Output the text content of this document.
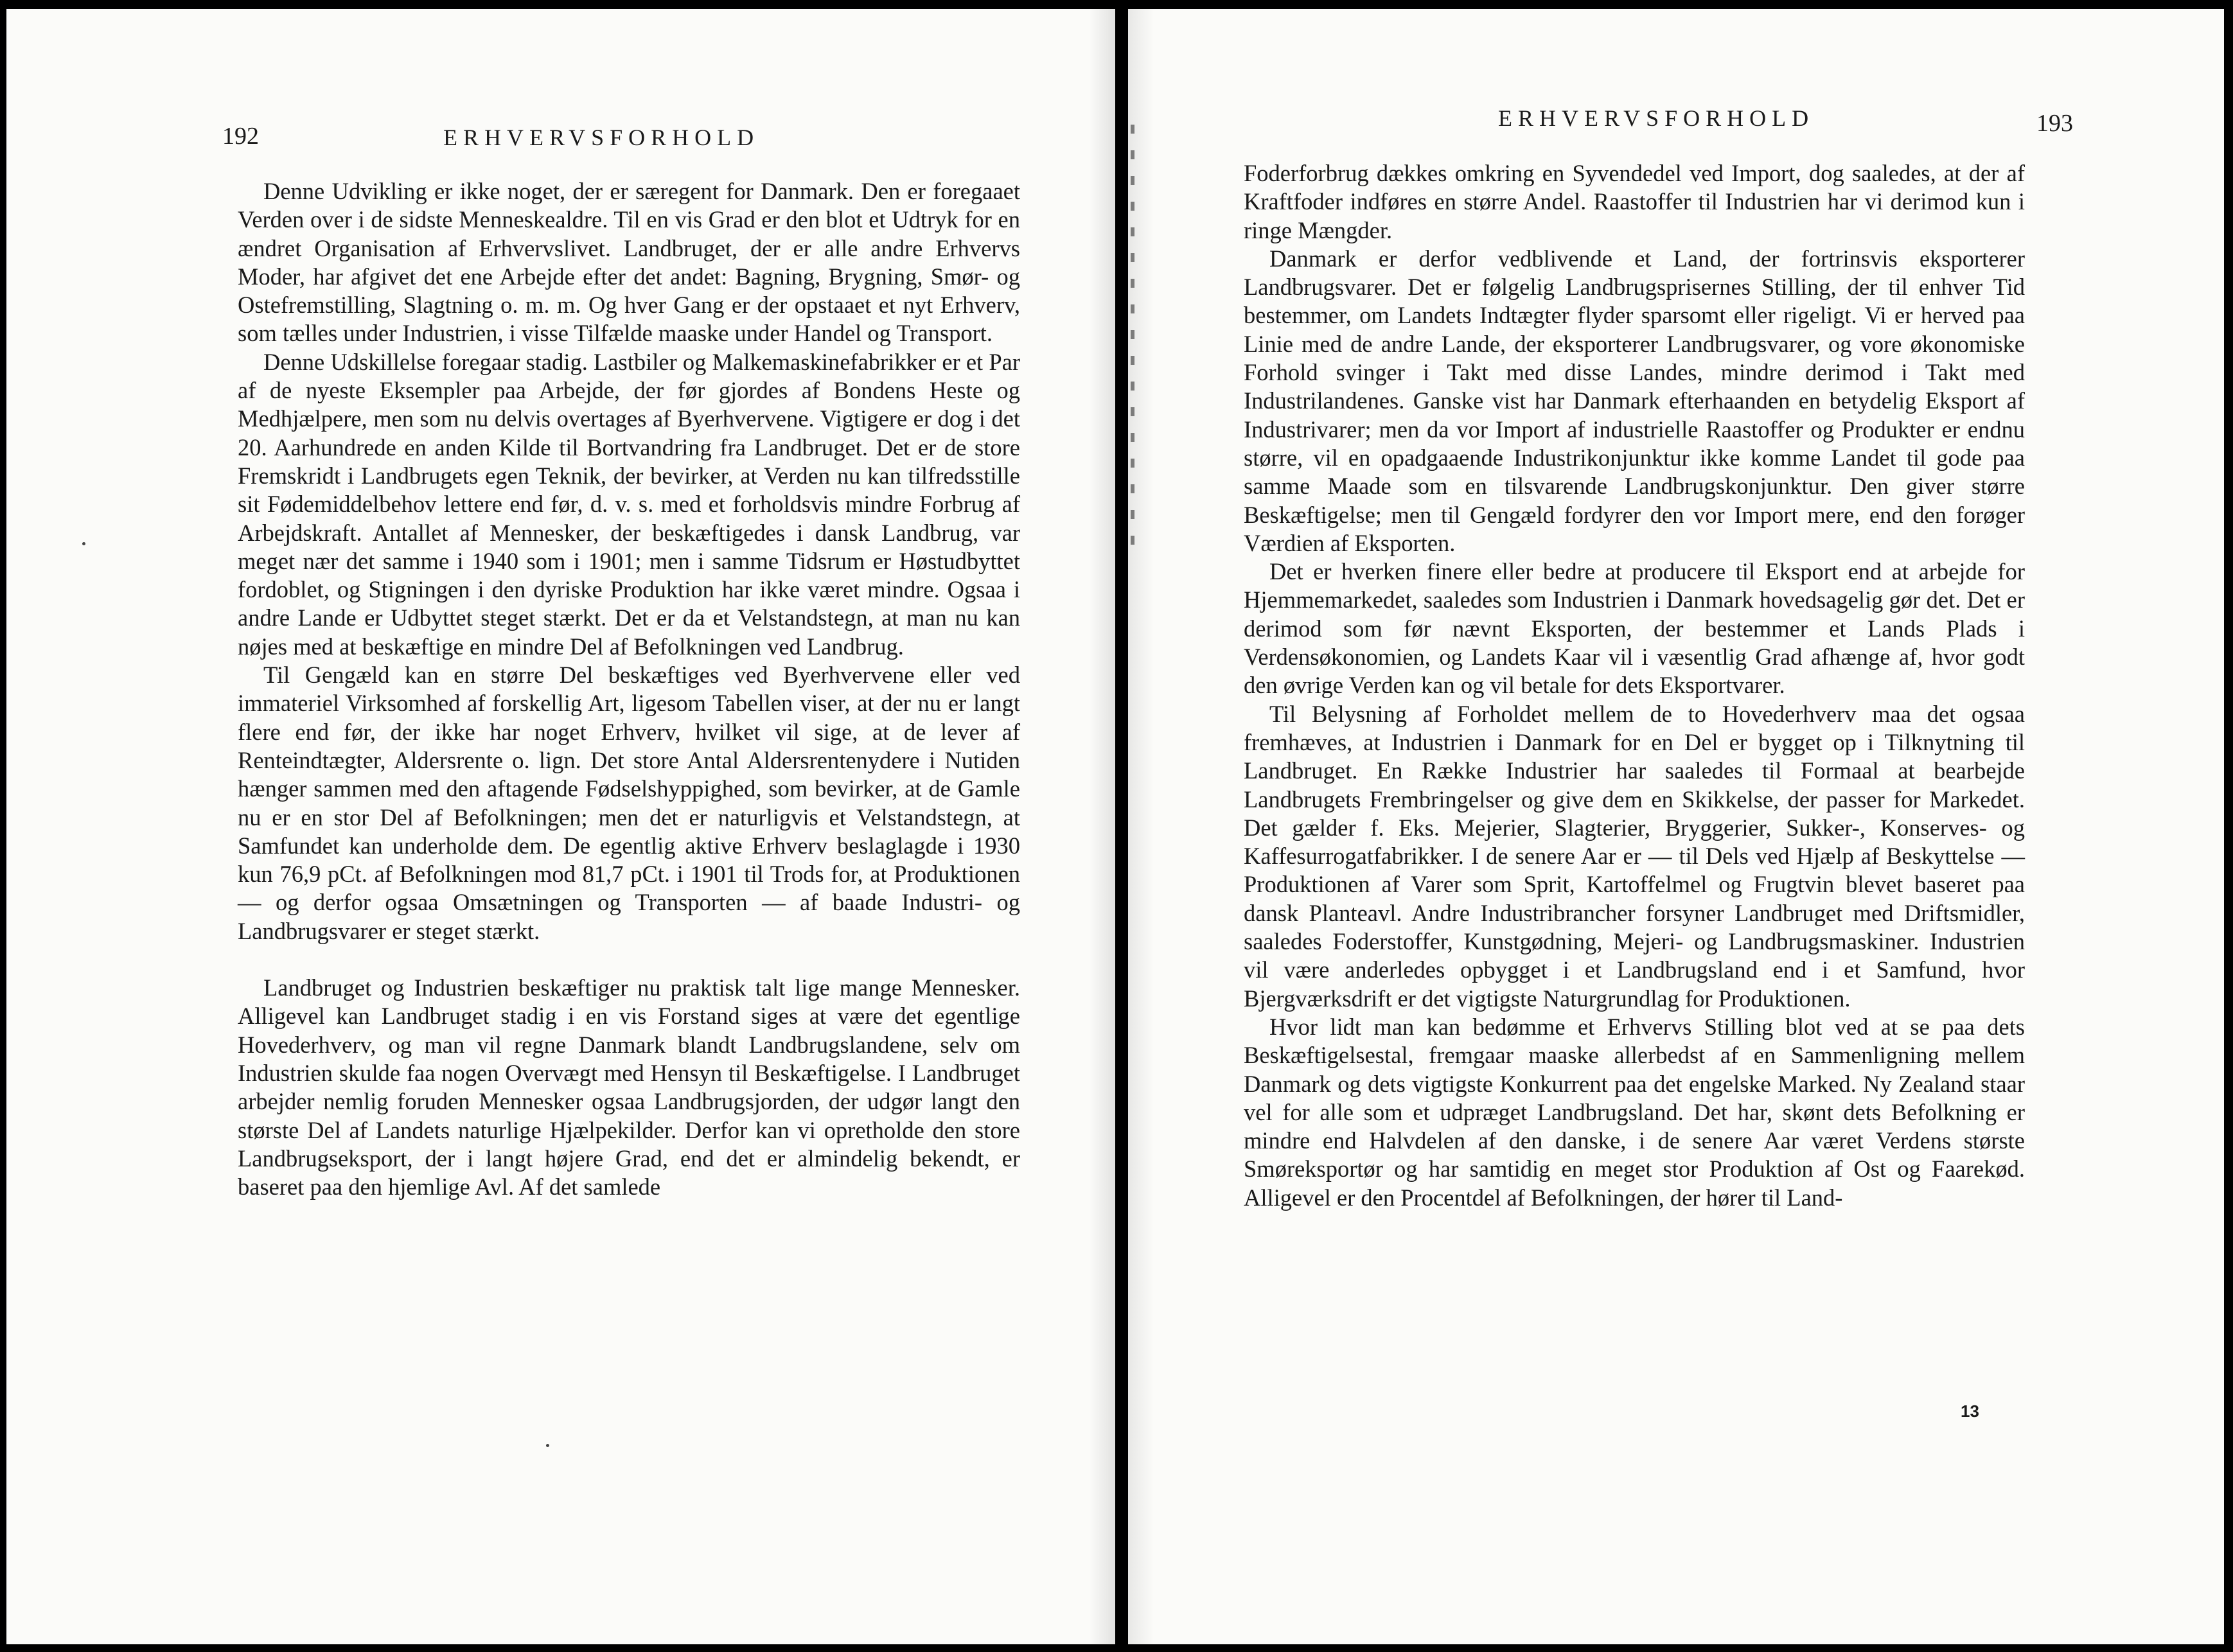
192	ERHVERVSFORHOLD

Denne Udvikling er ikke noget, der er særegent for Danmark. Den er foregaaet Verden over i de sidste Menneskealdre. Til en vis Grad er den blot et Udtryk for en ændret Organisation af Erhvervslivet. Landbruget, der er alle andre Erhvervs Moder, har afgivet det ene Arbejde efter det andet: Bagning, Brygning, Smør- og Ostefremstilling, Slagtning o. m. m. Og hver Gang er der opstaaet et nyt Erhverv, som tælles under Industrien, i visse Tilfælde maaske under Handel og Transport.

Denne Udskillelse foregaar stadig. Lastbiler og Malkemaskinefabrikker er et Par af de nyeste Eksempler paa Arbejde, der før gjordes af Bondens Heste og Medhjælpere, men som nu delvis overtages af Byerhvervene. Vigtigere er dog i det 20. Aarhundrede en anden Kilde til Bortvandring fra Landbruget. Det er de store Fremskridt i Landbrugets egen Teknik, der bevirker, at Verden nu kan tilfredsstille sit Fødemiddelbehov lettere end før, d. v. s. med et forholdsvis mindre Forbrug af Arbejdskraft. Antallet af Mennesker, der beskæftigedes i dansk Landbrug, var meget nær det samme i 1940 som i 1901; men i samme Tidsrum er Høstudbyttet fordoblet, og Stigningen i den dyriske Produktion har ikke været mindre. Ogsaa i andre Lande er Udbyttet steget stærkt. Det er da et Velstandstegn, at man nu kan nøjes med at beskæftige en mindre Del af Befolkningen ved Landbrug.

Til Gengæld kan en større Del beskæftiges ved Byerhvervene eller ved immateriel Virksomhed af forskellig Art, ligesom Tabellen viser, at der nu er langt flere end før, der ikke har noget Erhverv, hvilket vil sige, at de lever af Renteindtægter, Aldersrente o. lign. Det store Antal Aldersrentenydere i Nutiden hænger sammen med den aftagende Fødselshyppighed, som bevirker, at de Gamle nu er en stor Del af Befolkningen; men det er naturligvis et Velstandstegn, at Samfundet kan underholde dem. De egentlig aktive Erhverv beslaglagde i 1930 kun 76,9 pCt. af Befolkningen mod 81,7 pCt. i 1901 til Trods for, at Produktionen — og derfor ogsaa Omsætningen og Transporten — af baade Industri- og Landbrugsvarer er steget stærkt.

Landbruget og Industrien beskæftiger nu praktisk talt lige mange Mennesker. Alligevel kan Landbruget stadig i en vis Forstand siges at være det egentlige Hovederhverv, og man vil regne Danmark blandt Landbrugslandene, selv om Industrien skulde faa nogen Overvægt med Hensyn til Beskæftigelse. I Landbruget arbejder nemlig foruden Mennesker ogsaa Landbrugsjorden, der udgør langt den største Del af Landets naturlige Hjælpekilder. Derfor kan vi opretholde den store Landbrugseksport, der i langt højere Grad, end det er almindelig bekendt, er baseret paa den hjemlige Avl. Af det samlede

ERHVERVSFORHOLD	193

Foderforbrug dækkes omkring en Syvendedel ved Import, dog saaledes, at der af Kraftfoder indføres en større Andel. Raastoffer til Industrien har vi derimod kun i ringe Mængder.

Danmark er derfor vedblivende et Land, der fortrinsvis eksporterer Landbrugsvarer. Det er følgelig Landbrugsprisernes Stilling, der til enhver Tid bestemmer, om Landets Indtægter flyder sparsomt eller rigeligt. Vi er herved paa Linie med de andre Lande, der eksporterer Landbrugsvarer, og vore økonomiske Forhold svinger i Takt med disse Landes, mindre derimod i Takt med Industrilandenes. Ganske vist har Danmark efterhaanden en betydelig Eksport af Industrivarer; men da vor Import af industrielle Raastoffer og Produkter er endnu større, vil en opadgaaende Industrikonjunktur ikke komme Landet til gode paa samme Maade som en tilsvarende Landbrugskonjunktur. Den giver større Beskæftigelse; men til Gengæld fordyrer den vor Import mere, end den forøger Værdien af Eksporten.

Det er hverken finere eller bedre at producere til Eksport end at arbejde for Hjemmemarkedet, saaledes som Industrien i Danmark hovedsagelig gør det. Det er derimod som før nævnt Eksporten, der bestemmer et Lands Plads i Verdensøkonomien, og Landets Kaar vil i væsentlig Grad afhænge af, hvor godt den øvrige Verden kan og vil betale for dets Eksportvarer.

Til Belysning af Forholdet mellem de to Hovederhverv maa det ogsaa fremhæves, at Industrien i Danmark for en Del er bygget op i Tilknytning til Landbruget. En Række Industrier har saaledes til Formaal at bearbejde Landbrugets Frembringelser og give dem en Skikkelse, der passer for Markedet. Det gælder f. Eks. Mejerier, Slagterier, Bryggerier, Sukker-, Konserves- og Kaffesurrogatfabrikker. I de senere Aar er — til Dels ved Hjælp af Beskyttelse — Produktionen af Varer som Sprit, Kartoffelmel og Frugtvin blevet baseret paa dansk Planteavl. Andre Industribrancher forsyner Landbruget med Driftsmidler, saaledes Foderstoffer, Kunstgødning, Mejeri- og Landbrugsmaskiner. Industrien vil være anderledes opbygget i et Landbrugsland end i et Samfund, hvor Bjergværksdrift er det vigtigste Naturgrundlag for Produktionen.

Hvor lidt man kan bedømme et Erhvervs Stilling blot ved at se paa dets Beskæftigelsestal, fremgaar maaske allerbedst af en Sammenligning mellem Danmark og dets vigtigste Konkurrent paa det engelske Marked. Ny Zealand staar vel for alle som et udpræget Landbrugsland. Det har, skønt dets Befolkning er mindre end Halvdelen af den danske, i de senere Aar været Verdens største Smøreksportør og har samtidig en meget stor Produktion af Ost og Faarekød. Alligevel er den Procentdel af Befolkningen, der hører til Land-

13
